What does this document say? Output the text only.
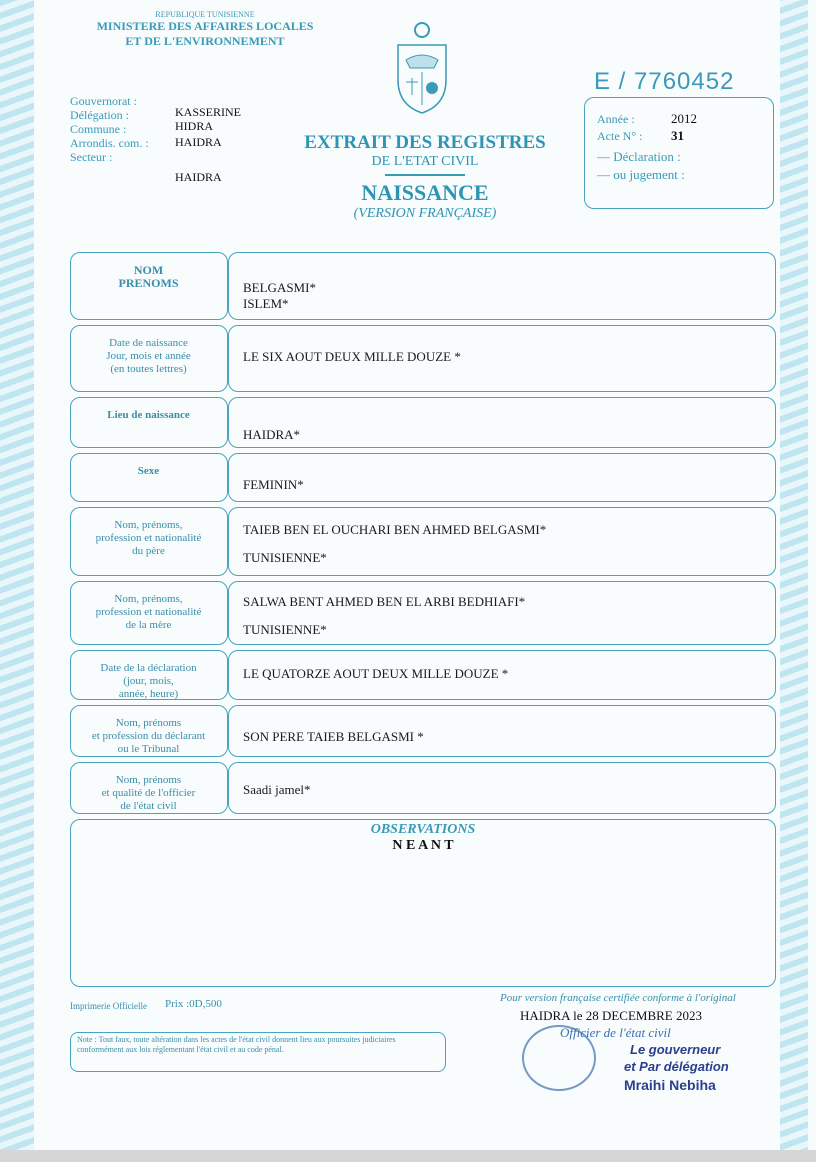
REPUBLIQUE TUNISIENNE
MINISTERE DES AFFAIRES LOCALES
ET DE L'ENVIRONNEMENT
Gouvernorat :
Délégation :
Commune :
Arrondis. com. :
Secteur :
KASSERINE
HIDRA
HAIDRA
HAIDRA
EXTRAIT DES REGISTRES
DE L'ETAT CIVIL
NAISSANCE
(VERSION FRANÇAISE)
E / 7760452
Année :
Acte N° :
— Déclaration :
— ou jugement :
2012
31
NOM
PRENOMS	BELGASMI*
ISLEM*
Date de naissance
Jour, mois et année
(en toutes lettres)
LE SIX AOUT DEUX MILLE DOUZE *
Lieu de naissance
HAIDRA*
Sexe
FEMININ*
Nom, prénoms,
profession et nationalité
du père
TAIEB BEN EL OUCHARI BEN AHMED BELGASMI*

TUNISIENNE*
Nom, prénoms,
profession et nationalité
de la mère
SALWA BENT AHMED BEN EL ARBI BEDHIAFI*

TUNISIENNE*
Date de la déclaration
(jour, mois,
année, heure)
LE QUATORZE AOUT DEUX MILLE DOUZE *
Nom, prénoms
et profession du déclarant
ou le Tribunal
SON PERE TAIEB BELGASMI *
Nom, prénoms
et qualité de l'officier
de l'état civil
Saadi jamel*
OBSERVATIONS
N E A N T
Imprimerie Officielle Prix :0D,500
Note : Tout faux, toute altération dans les actes de l'état civil donnent lieu aux poursuites judiciaires conformément aux lois réglementant l'état civil et au code pénal.
Pour version française certifiée conforme à l'original
HAIDRA le 28 DECEMBRE 2023
Officier de l'état civil
Le gouverneur
et Par délégation
Mraihi Nebiha
